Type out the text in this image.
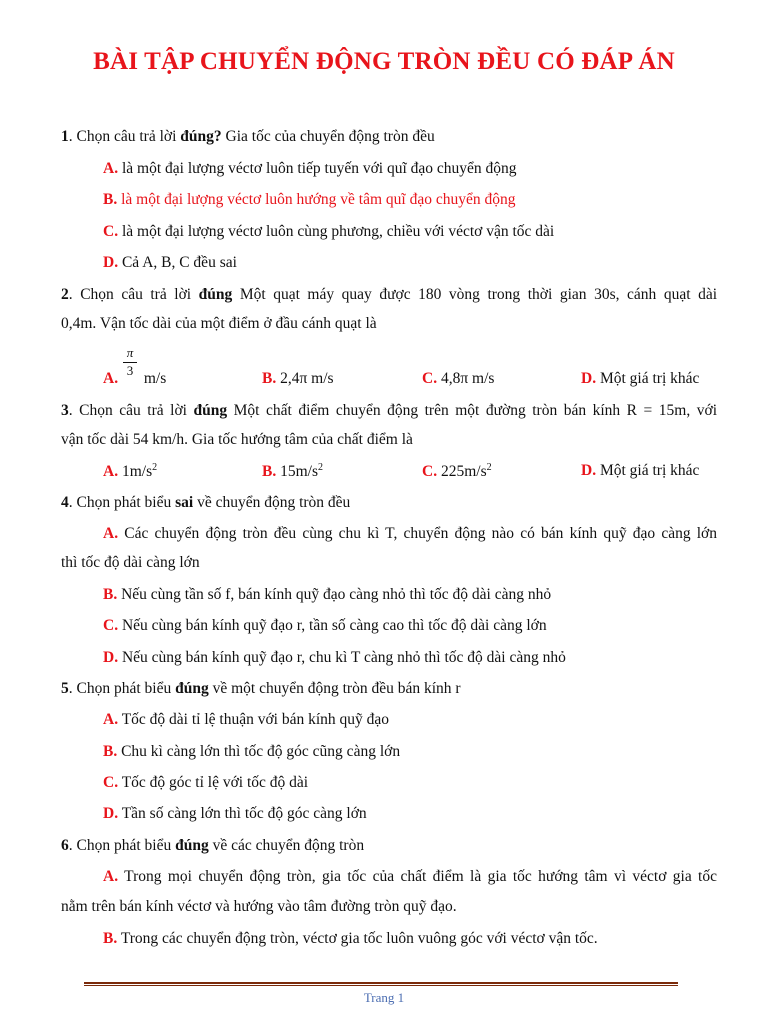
BÀI TẬP CHUYỂN ĐỘNG TRÒN ĐỀU CÓ ĐÁP ÁN
1. Chọn câu trả lời đúng? Gia tốc của chuyển động tròn đều
A. là một đại lượng véctơ luôn tiếp tuyến với quĩ đạo chuyển động
B. là một đại lượng véctơ luôn hướng về tâm quĩ đạo chuyển động
C. là một đại lượng véctơ luôn cùng phương, chiều với véctơ vận tốc dài
D. Cả A, B, C đều sai
2. Chọn câu trả lời đúng Một quạt máy quay được 180 vòng trong thời gian 30s, cánh quạt dài
0,4m. Vận tốc dài của một điểm ở đầu cánh quạt là
π
3
A. m/s	B. 2,4π m/s	C. 4,8π m/s	D. Một giá trị khác
3. Chọn câu trả lời đúng Một chất điểm chuyển động trên một đường tròn bán kính R = 15m, với
vận tốc dài 54 km/h. Gia tốc hướng tâm của chất điểm là
A. $1m/s^2$	B. $15m/s^2$	C. $225m/s^2$	D. Một giá trị khác
4. Chọn phát biểu sai về chuyển động tròn đều
A. Các chuyển động tròn đều cùng chu kì T, chuyển động nào có bán kính quỹ đạo càng lớn
thì tốc độ dài càng lớn
B. Nếu cùng tần số f, bán kính quỹ đạo càng nhỏ thì tốc độ dài càng nhỏ
C. Nếu cùng bán kính quỹ đạo r, tần số càng cao thì tốc độ dài càng lớn
D. Nếu cùng bán kính quỹ đạo r, chu kì T càng nhỏ thì tốc độ dài càng nhỏ
5. Chọn phát biểu đúng về một chuyển động tròn đều bán kính r
A. Tốc độ dài tỉ lệ thuận với bán kính quỹ đạo
B. Chu kì càng lớn thì tốc độ góc cũng càng lớn
C. Tốc độ góc tỉ lệ với tốc độ dài
D. Tần số càng lớn thì tốc độ góc càng lớn
6. Chọn phát biểu đúng về các chuyển động tròn
A. Trong mọi chuyển động tròn, gia tốc của chất điểm là gia tốc hướng tâm vì véctơ gia tốc
nằm trên bán kính véctơ và hướng vào tâm đường tròn quỹ đạo.
B. Trong các chuyển động tròn, véctơ gia tốc luôn vuông góc với véctơ vận tốc.
Trang 1
